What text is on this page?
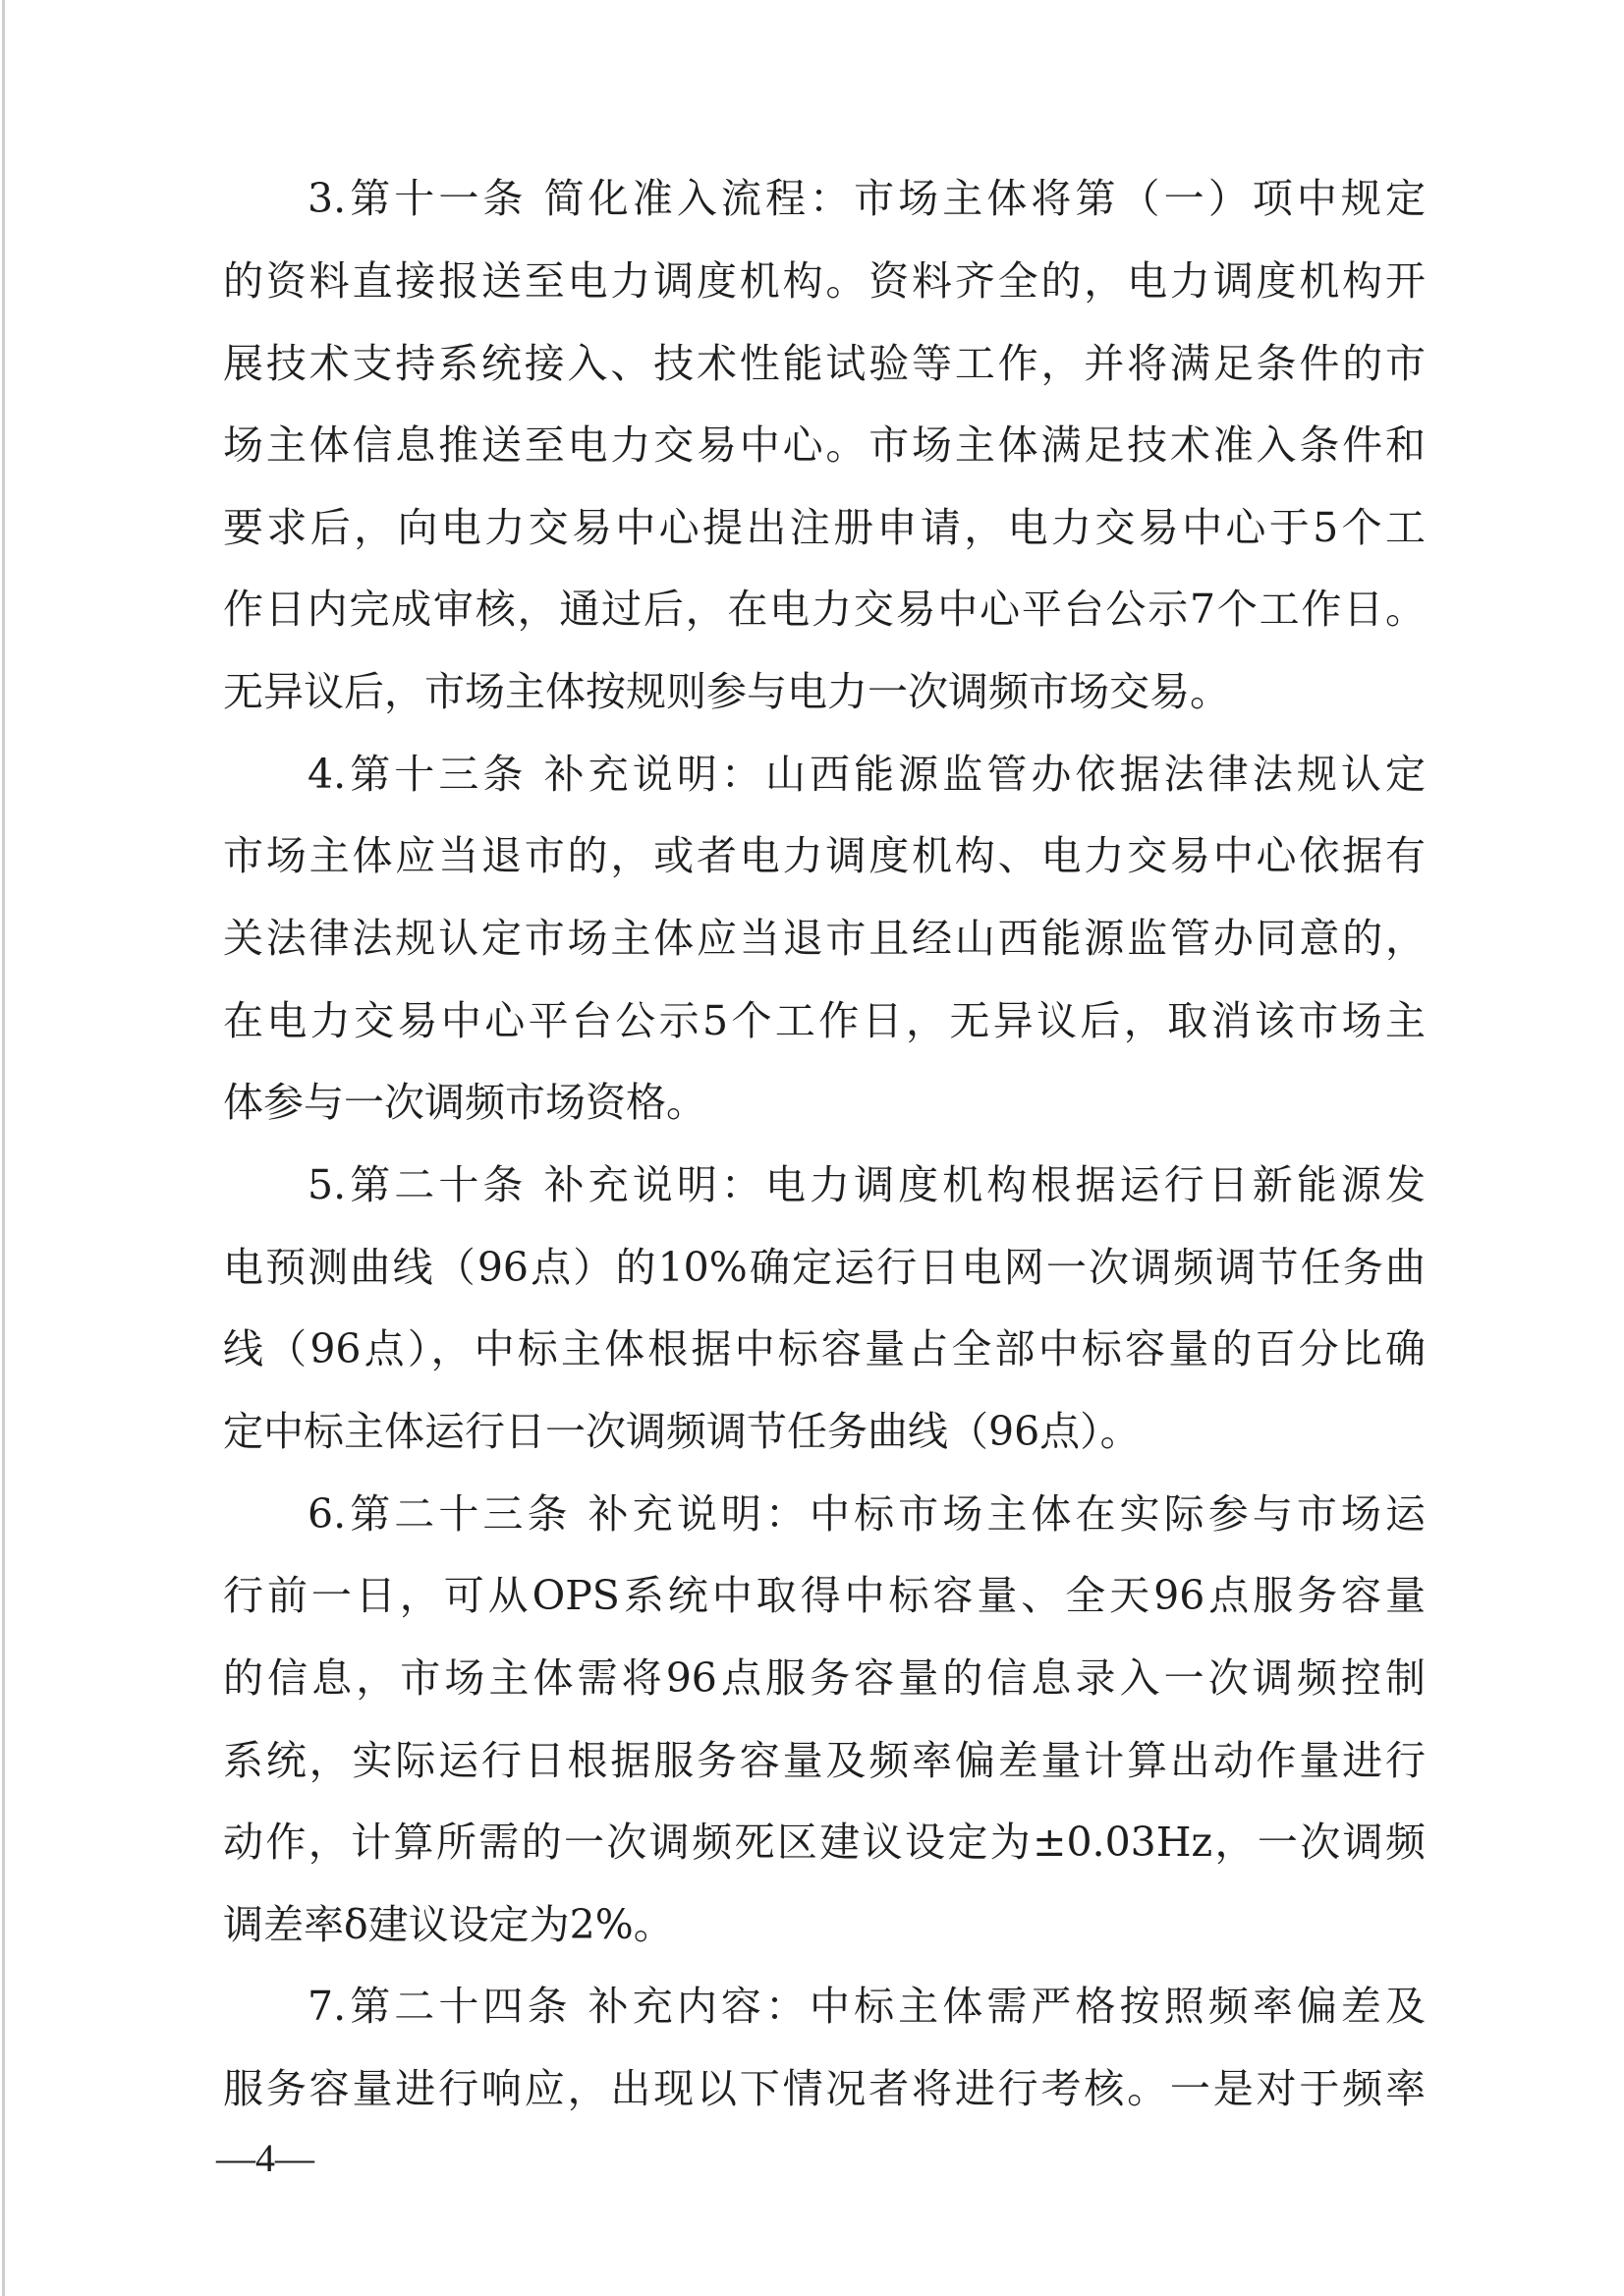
3.第十一条 简化准入流程：市场主体将第（一）项中规定
的资料直接报送至电力调度机构。资料齐全的，电力调度机构开
展技术支持系统接入、技术性能试验等工作，并将满足条件的市
场主体信息推送至电力交易中心。市场主体满足技术准入条件和
要求后，向电力交易中心提出注册申请，电力交易中心于5个工
作日内完成审核，通过后，在电力交易中心平台公示7个工作日。
无异议后，市场主体按规则参与电力一次调频市场交易。
4.第十三条 补充说明：山西能源监管办依据法律法规认定
市场主体应当退市的，或者电力调度机构、电力交易中心依据有
关法律法规认定市场主体应当退市且经山西能源监管办同意的，
在电力交易中心平台公示5个工作日，无异议后，取消该市场主
体参与一次调频市场资格。
5.第二十条 补充说明：电力调度机构根据运行日新能源发
电预测曲线（96点）的10%确定运行日电网一次调频调节任务曲
线（96点），中标主体根据中标容量占全部中标容量的百分比确
定中标主体运行日一次调频调节任务曲线（96点）。
6.第二十三条 补充说明：中标市场主体在实际参与市场运
行前一日，可从OPS系统中取得中标容量、全天96点服务容量
的信息，市场主体需将96点服务容量的信息录入一次调频控制
系统，实际运行日根据服务容量及频率偏差量计算出动作量进行
动作，计算所需的一次调频死区建议设定为±0.03Hz，一次调频
调差率δ建议设定为2%。
7.第二十四条 补充内容：中标主体需严格按照频率偏差及
服务容量进行响应，出现以下情况者将进行考核。一是对于频率
—4—
